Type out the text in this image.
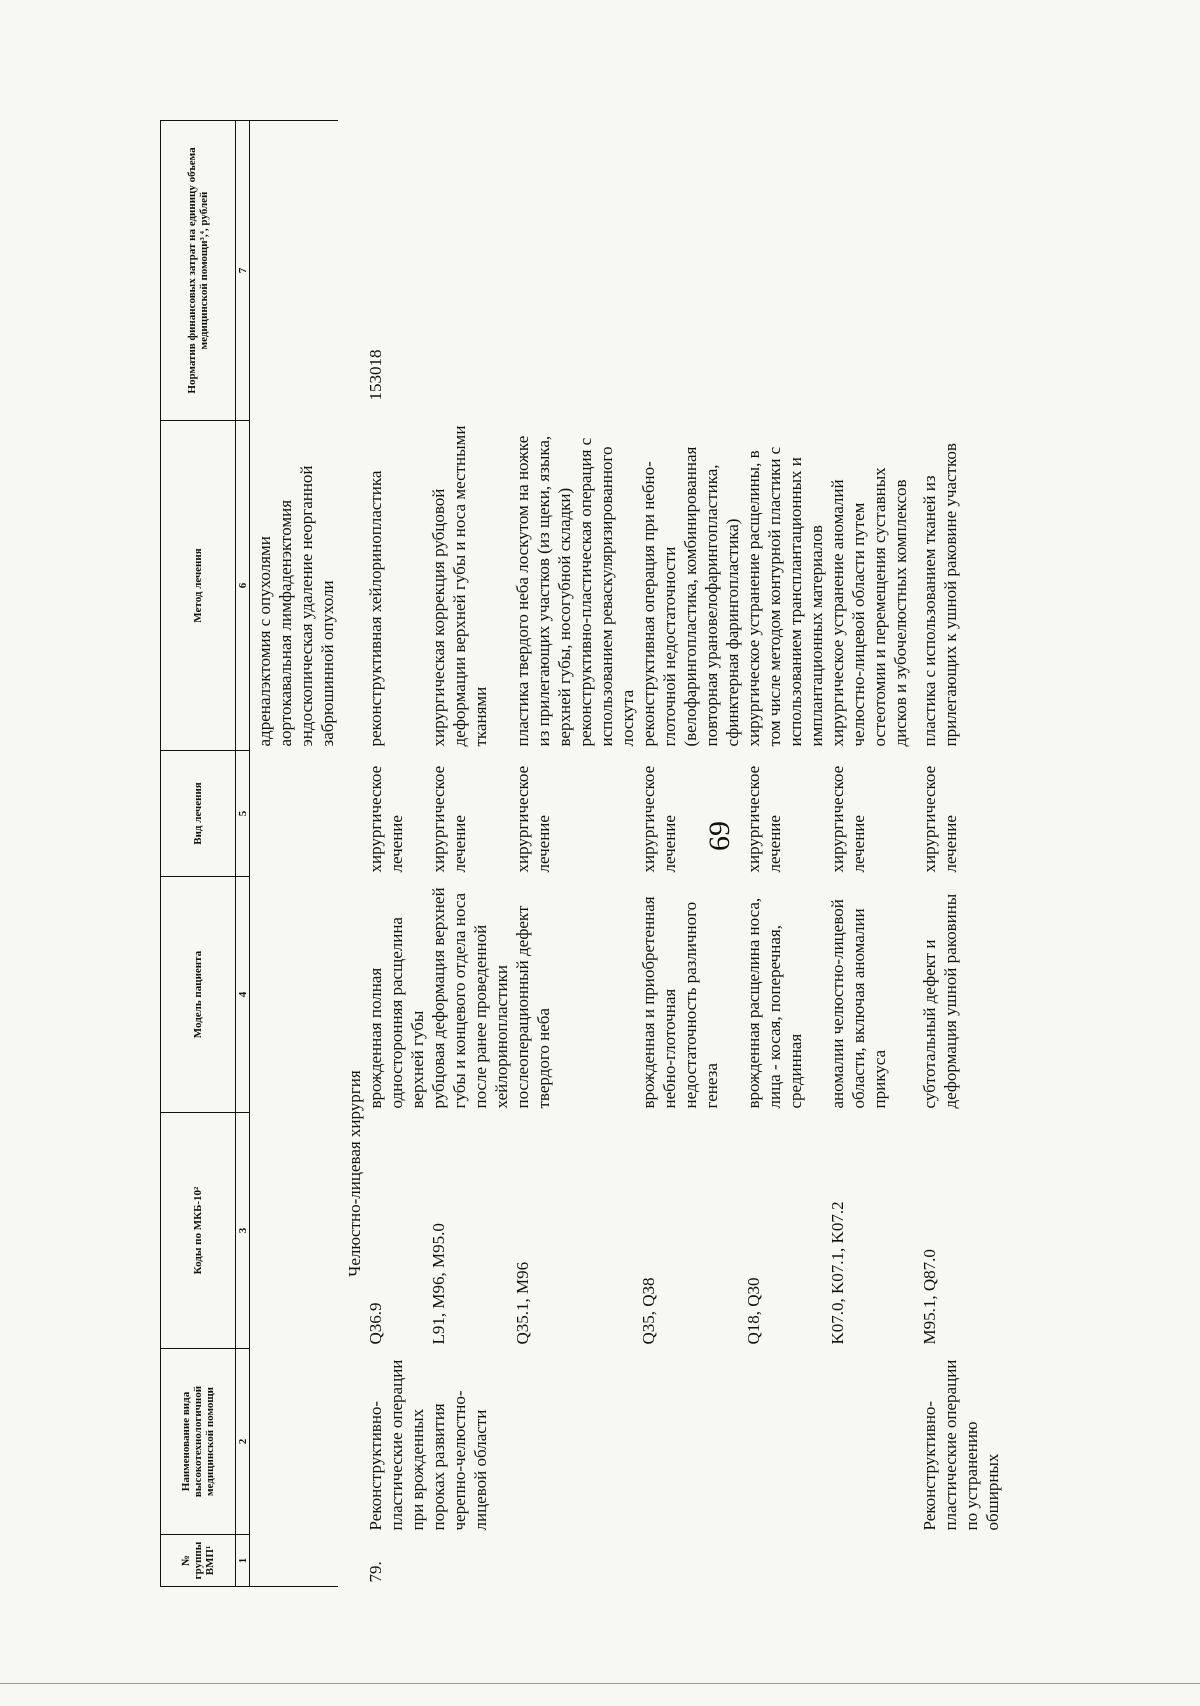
69
№ группы ВМП¹	Наименование вида высокотехнологичной медицинской помощи	Коды по МКБ-10²	Модель пациента	Вид лечения	Метод лечения	Норматив финансовых затрат на единицу объема медицинской помощи³,⁴, рублей
1	2	3	4	5	6	7
					адреналэктомия с опухолями аортокавальная лимфаденэктомия эндоскопическая удаление неорганной забрюшинной опухоли	
Челюстно-лицевая хирургия						
79.	Реконструктивно-пластические операции при врожденных пороках развития черепно-челюстно-лицевой области	Q36.9	врожденная полная односторонняя расщелина верхней губы	хирургическое лечение	реконструктивная хейлоринопластика	153018
		L91, M96, M95.0	рубцовая деформация верхней губы и концевого отдела носа после ранее проведенной хейлоринопластики	хирургическое лечение	хирургическая коррекция рубцовой деформации верхней губы и носа местными тканями	
		Q35.1, M96	послеоперационный дефект твердого неба	хирургическое лечение	пластика твердого неба лоскутом на ножке из прилегающих участков (из щеки, языка, верхней губы, носогубной складки) реконструктивно-пластическая операция с использованием реваскуляризированного лоскута	
		Q35, Q38	врожденная и приобретенная небно-глоточная недостаточность различного генеза	хирургическое лечение	реконструктивная операция при небно-глоточной недостаточности (велофарингопластика, комбинированная повторная урановелофарингопластика, сфинктерная фарингопластика)	
		Q18, Q30	врожденная расщелина носа, лица - косая, поперечная, срединная	хирургическое лечение	хирургическое устранение расщелины, в том числе методом контурной пластики с использованием трансплантационных и имплантационных материалов	
		K07.0, K07.1, K07.2	аномалии челюстно-лицевой области, включая аномалии прикуса	хирургическое лечение	хирургическое устранение аномалий челюстно-лицевой области путем остеотомии и перемещения суставных дисков и зубочелюстных комплексов	
	Реконструктивно-пластические операции по устранению обширных	M95.1, Q87.0	субтотальный дефект и деформация ушной раковины	хирургическое лечение	пластика с использованием тканей из прилегающих к ушной раковине участков	
